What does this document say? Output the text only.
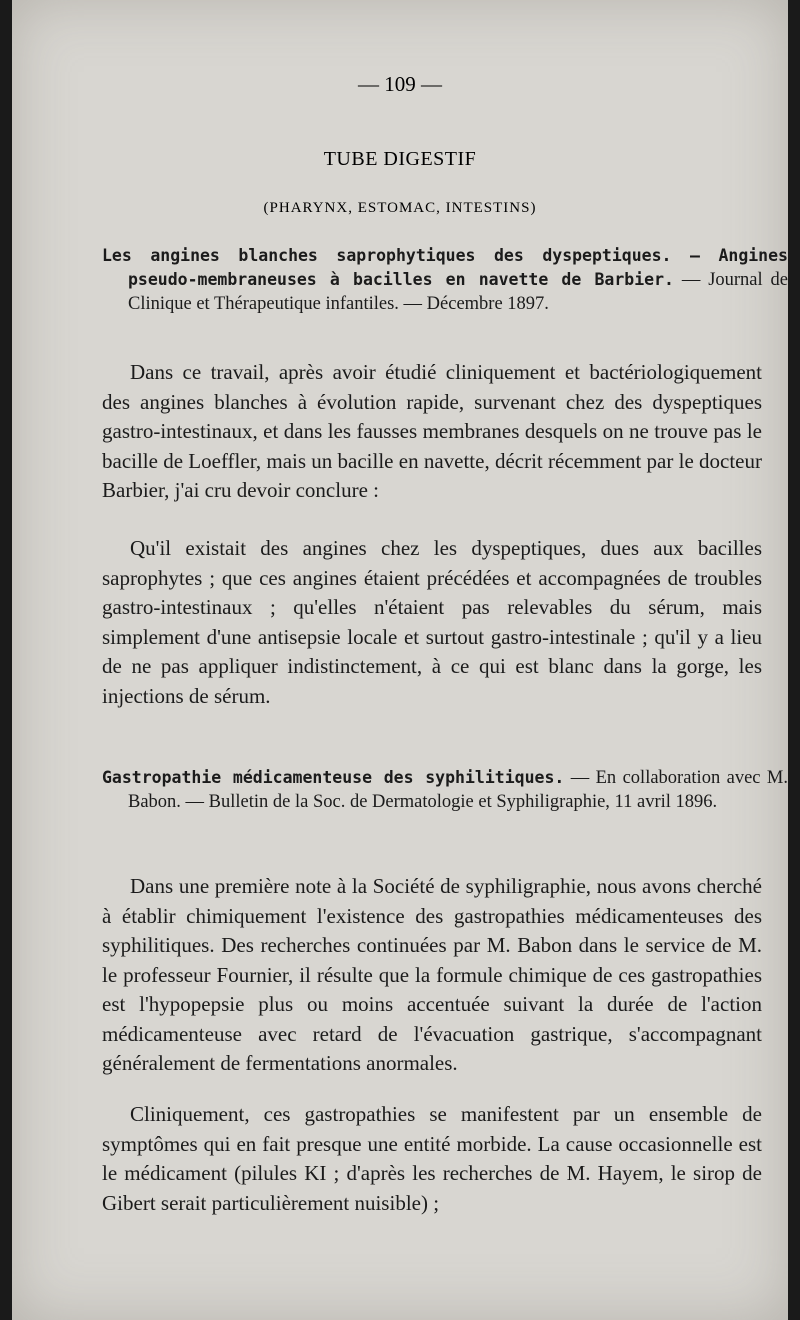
— 109 —
TUBE DIGESTIF
(PHARYNX, ESTOMAC, INTESTINS)
Les angines blanches saprophytiques des dyspeptiques. — Angines pseudo-membraneuses à bacilles en navette de Barbier. — Journal de Clinique et Thérapeutique infantiles. — Décembre 1897.

Dans ce travail, après avoir étudié cliniquement et bactériologiquement des angines blanches à évolution rapide, survenant chez des dyspeptiques gastro-intestinaux, et dans les fausses membranes desquels on ne trouve pas le bacille de Loeffler, mais un bacille en navette, décrit récemment par le docteur Barbier, j'ai cru devoir conclure :

Qu'il existait des angines chez les dyspeptiques, dues aux bacilles saprophytes ; que ces angines étaient précédées et accompagnées de troubles gastro-intestinaux ; qu'elles n'étaient pas relevables du sérum, mais simplement d'une antisepsie locale et surtout gastro-intestinale ; qu'il y a lieu de ne pas appliquer indistinctement, à ce qui est blanc dans la gorge, les injections de sérum.

Gastropathie médicamenteuse des syphilitiques. — En collaboration avec M. Babon. — Bulletin de la Soc. de Dermatologie et Syphiligraphie, 11 avril 1896.

Dans une première note à la Société de syphiligraphie, nous avons cherché à établir chimiquement l'existence des gastropathies médicamenteuses des syphilitiques. Des recherches continuées par M. Babon dans le service de M. le professeur Fournier, il résulte que la formule chimique de ces gastropathies est l'hypopepsie plus ou moins accentuée suivant la durée de l'action médicamenteuse avec retard de l'évacuation gastrique, s'accompagnant généralement de fermentations anormales.

Cliniquement, ces gastropathies se manifestent par un ensemble de symptômes qui en fait presque une entité morbide. La cause occasionnelle est le médicament (pilules KI ; d'après les recherches de M. Hayem, le sirop de Gibert serait particulièrement nuisible) ;
